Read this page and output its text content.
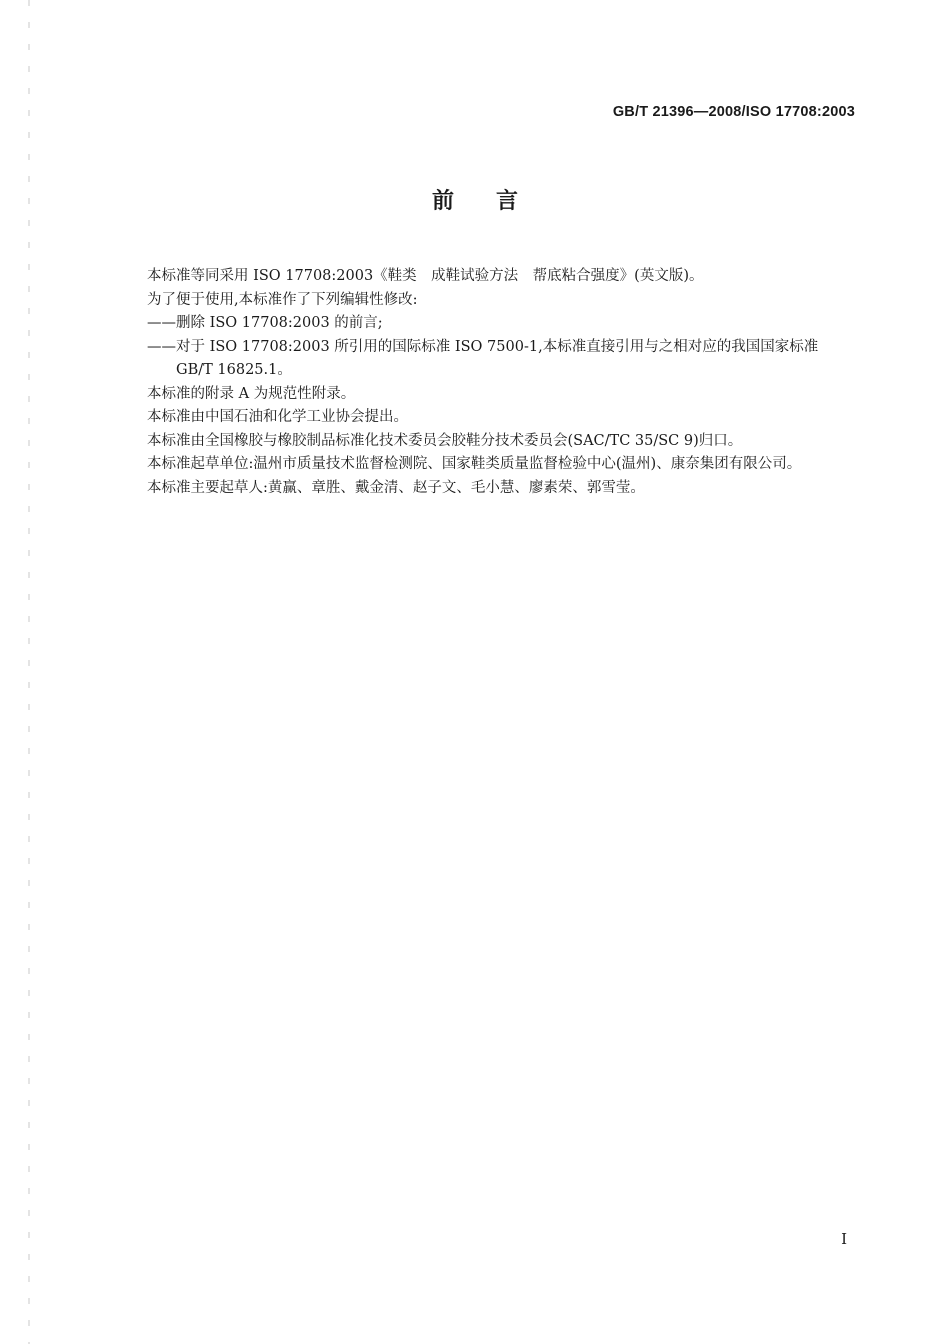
GB/T 21396—2008/ISO 17708:2003
前言

本标准等同采用 ISO 17708:2003《鞋类　成鞋试验方法　帮底粘合强度》(英文版)。

为了便于使用,本标准作了下列编辑性修改:

——删除 ISO 17708:2003 的前言;

——对于 ISO 17708:2003 所引用的国际标准 ISO 7500-1,本标准直接引用与之相对应的我国国家标准 GB/T 16825.1。

本标准的附录 A 为规范性附录。

本标准由中国石油和化学工业协会提出。

本标准由全国橡胶与橡胶制品标准化技术委员会胶鞋分技术委员会(SAC/TC 35/SC 9)归口。

本标准起草单位:温州市质量技术监督检测院、国家鞋类质量监督检验中心(温州)、康奈集团有限公司。

本标准主要起草人:黄赢、章胜、戴金清、赵子文、毛小慧、廖素荣、郭雪莹。

I
